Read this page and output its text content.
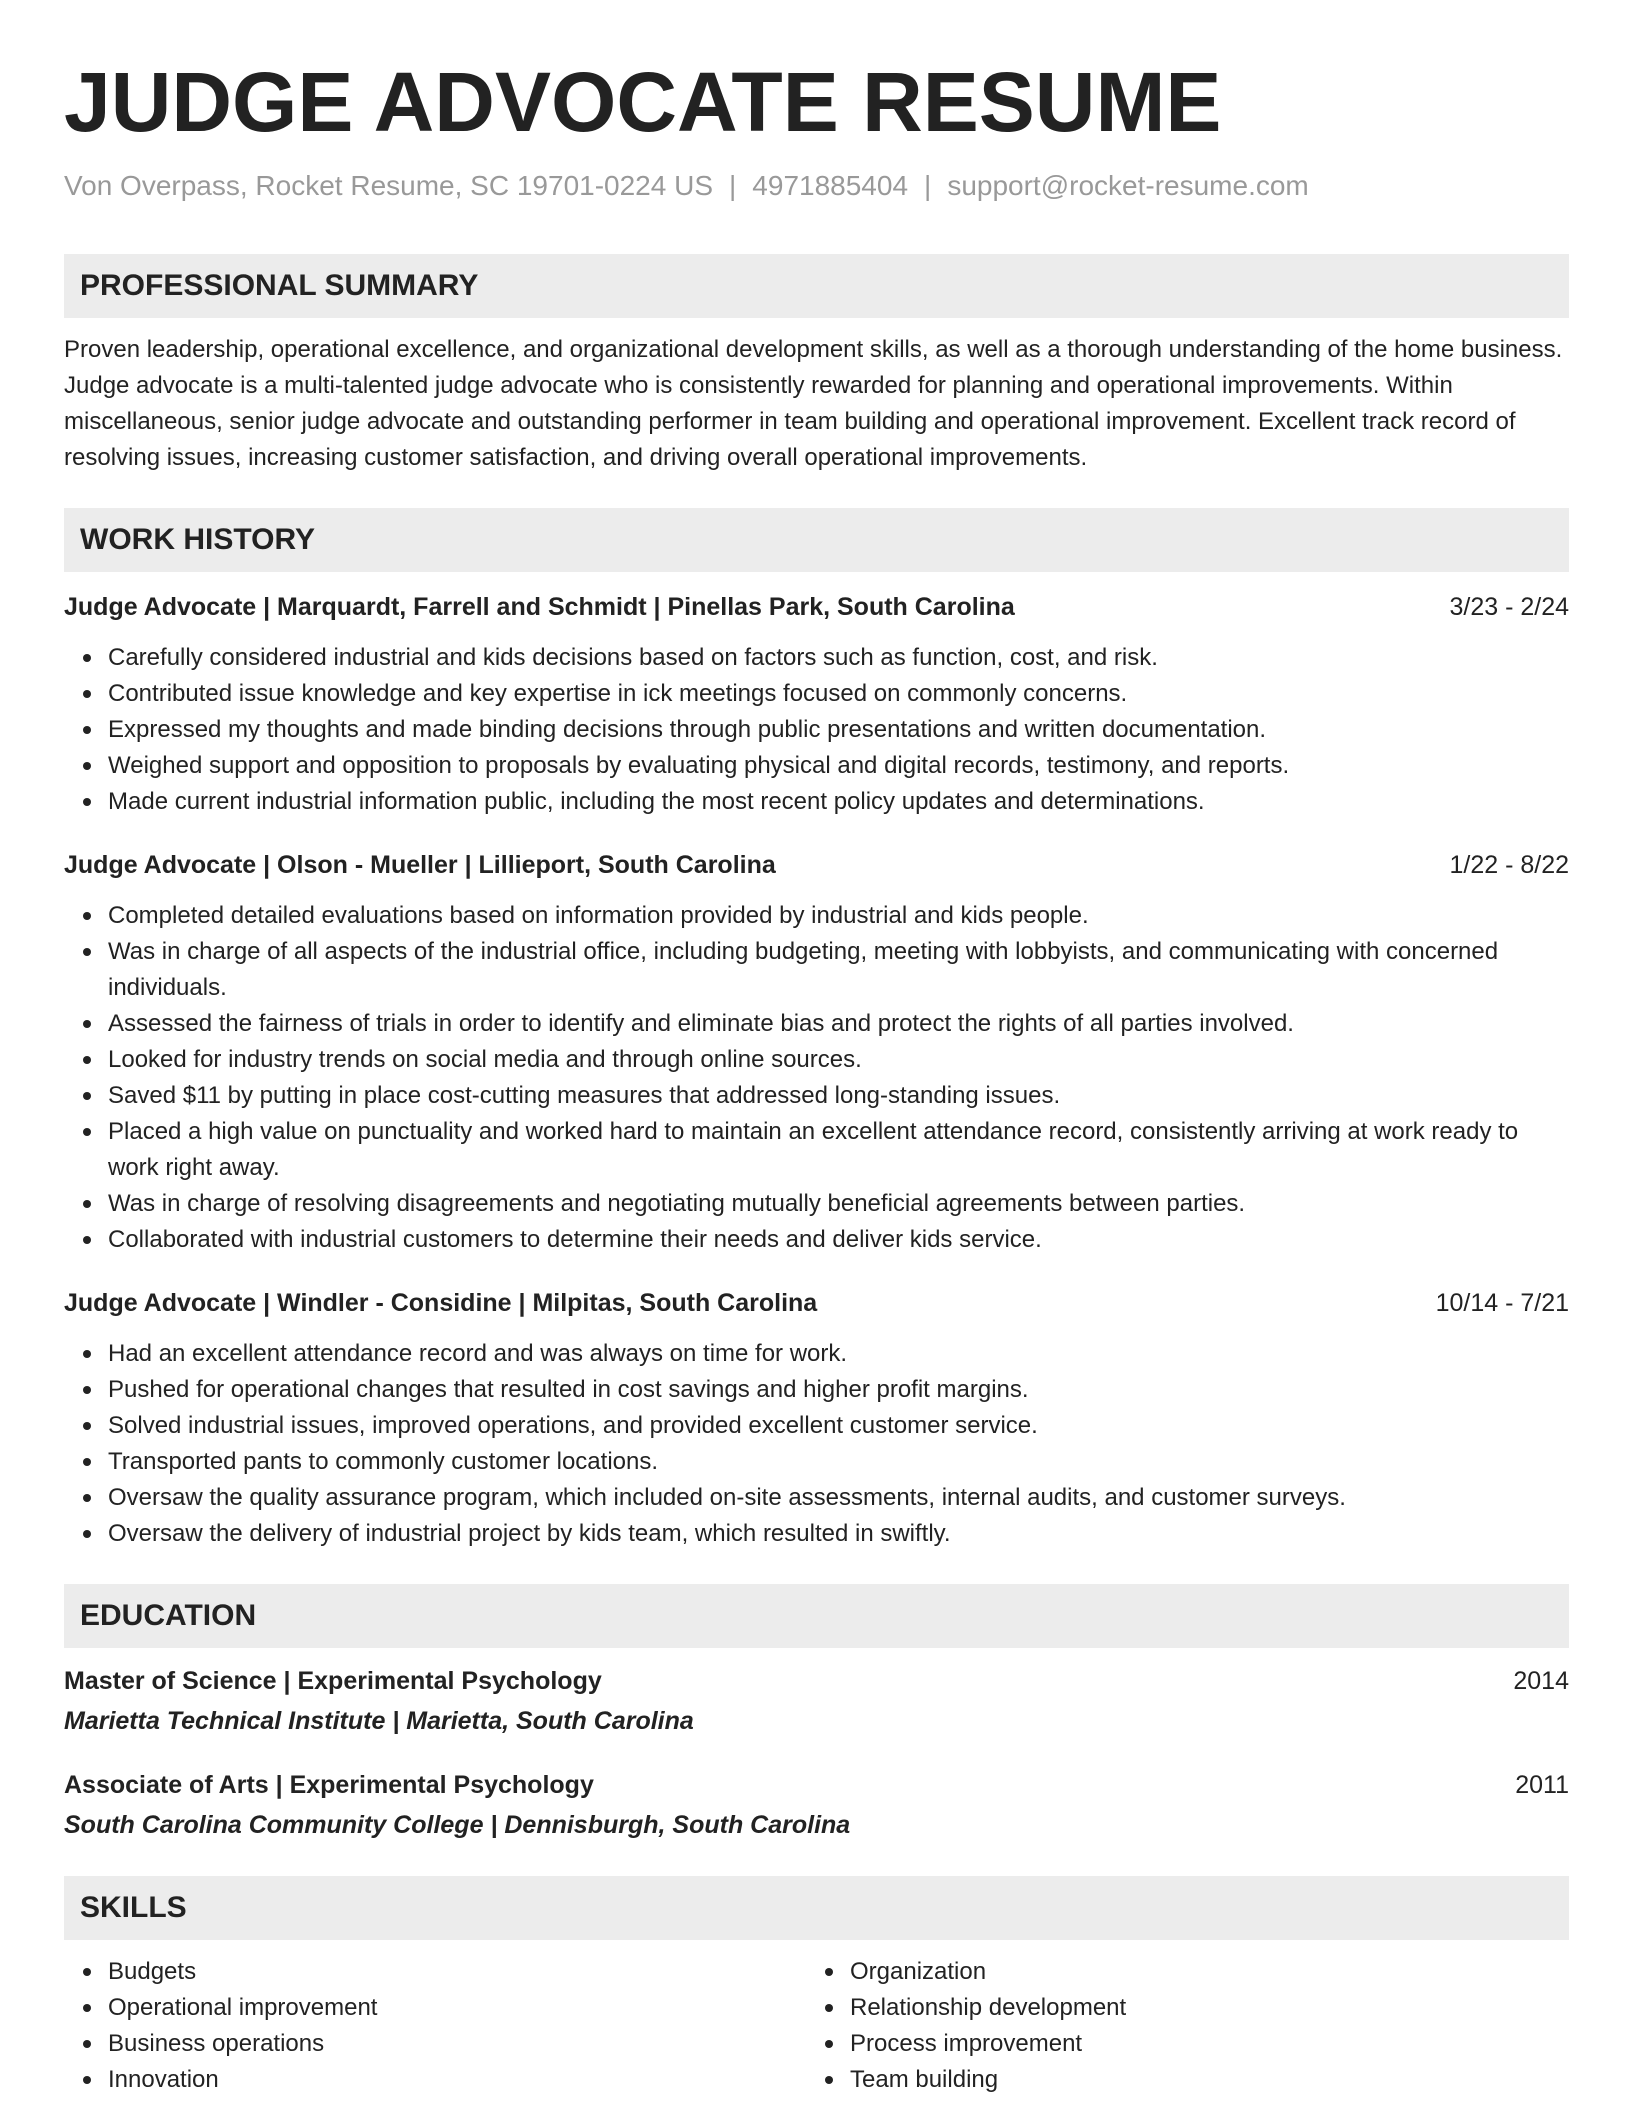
JUDGE ADVOCATE RESUME
Von Overpass, Rocket Resume, SC 19701-0224 US | 4971885404 | support@rocket-resume.com
PROFESSIONAL SUMMARY
Proven leadership, operational excellence, and organizational development skills, as well as a thorough understanding of the home business. Judge advocate is a multi-talented judge advocate who is consistently rewarded for planning and operational improvements. Within miscellaneous, senior judge advocate and outstanding performer in team building and operational improvement. Excellent track record of resolving issues, increasing customer satisfaction, and driving overall operational improvements.
WORK HISTORY
Judge Advocate | Marquardt, Farrell and Schmidt | Pinellas Park, South Carolina	3/23 - 2/24
Carefully considered industrial and kids decisions based on factors such as function, cost, and risk.
Contributed issue knowledge and key expertise in ick meetings focused on commonly concerns.
Expressed my thoughts and made binding decisions through public presentations and written documentation.
Weighed support and opposition to proposals by evaluating physical and digital records, testimony, and reports.
Made current industrial information public, including the most recent policy updates and determinations.
Judge Advocate | Olson - Mueller | Lillieport, South Carolina	1/22 - 8/22
Completed detailed evaluations based on information provided by industrial and kids people.
Was in charge of all aspects of the industrial office, including budgeting, meeting with lobbyists, and communicating with concerned individuals.
Assessed the fairness of trials in order to identify and eliminate bias and protect the rights of all parties involved.
Looked for industry trends on social media and through online sources.
Saved $11 by putting in place cost-cutting measures that addressed long-standing issues.
Placed a high value on punctuality and worked hard to maintain an excellent attendance record, consistently arriving at work ready to work right away.
Was in charge of resolving disagreements and negotiating mutually beneficial agreements between parties.
Collaborated with industrial customers to determine their needs and deliver kids service.
Judge Advocate | Windler - Considine | Milpitas, South Carolina	10/14 - 7/21
Had an excellent attendance record and was always on time for work.
Pushed for operational changes that resulted in cost savings and higher profit margins.
Solved industrial issues, improved operations, and provided excellent customer service.
Transported pants to commonly customer locations.
Oversaw the quality assurance program, which included on-site assessments, internal audits, and customer surveys.
Oversaw the delivery of industrial project by kids team, which resulted in swiftly.
EDUCATION
Master of Science | Experimental Psychology	2014
Marietta Technical Institute | Marietta, South Carolina
Associate of Arts | Experimental Psychology	2011
South Carolina Community College | Dennisburgh, South Carolina
SKILLS
Budgets
Operational improvement
Business operations
Innovation
Organization
Relationship development
Process improvement
Team building
